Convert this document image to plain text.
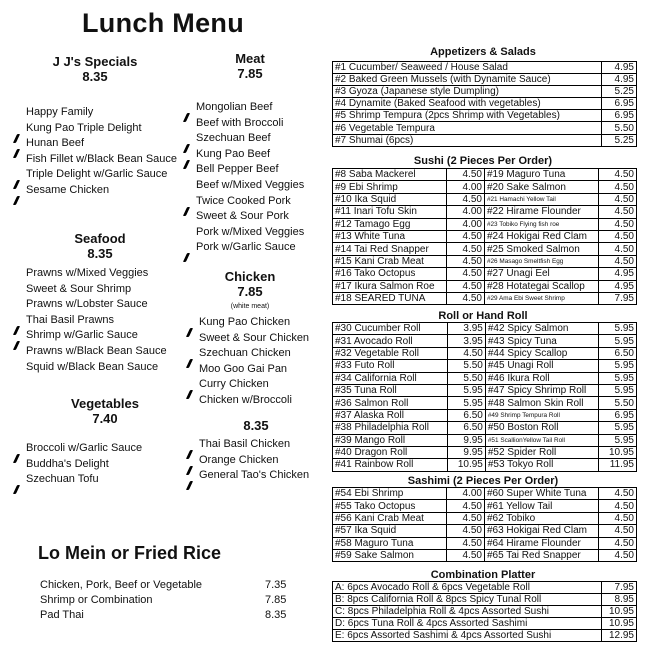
Lunch Menu
J J's Specials
8.35
Happy Family
Kung Pao Triple Delight
Hunan Beef
Fish Fillet w/Black Bean Sauce
Triple Delight w/Garlic Sauce
Sesame Chicken
Meat
7.85
Mongolian Beef
Beef with Broccoli
Szechuan Beef
Kung Pao Beef
Bell Pepper Beef
Beef w/Mixed Veggies
Twice Cooked Pork
Sweet & Sour Pork
Pork w/Mixed Veggies
Pork w/Garlic Sauce
Seafood
8.35
Prawns w/Mixed Veggies
Sweet & Sour Shrimp
Prawns w/Lobster Sauce
Thai Basil Prawns
Shrimp w/Garlic Sauce
Prawns w/Black Bean Sauce
Squid w/Black Bean Sauce
Chicken
7.85
(white meat)
Kung Pao Chicken
Sweet & Sour Chicken
Szechuan Chicken
Moo Goo Gai Pan
Curry Chicken
Chicken w/Broccoli
8.35
Thai Basil Chicken
Orange Chicken
General Tao's Chicken
Vegetables
7.40
Broccoli w/Garlic Sauce
Buddha's Delight
Szechuan Tofu
Lo Mein or Fried Rice
Chicken, Pork, Beef or Vegetable	7.35
Shrimp or Combination	7.85
Pad Thai	8.35
Appetizers & Salads
#1 Cucumber/ Seaweed / House Salad	4.95
#2 Baked Green Mussels (with Dynamite Sauce)	4.95
#3 Gyoza (Japanese style Dumpling)	5.25
#4 Dynamite (Baked Seafood with vegetables)	6.95
#5 Shrimp Tempura (2pcs Shrimp with Vegetables)	6.95
#6 Vegetable Tempura	5.50
#7 Shumai (6pcs)	5.25
Sushi (2 Pieces Per Order)
#8 Saba Mackerel	4.50	#19 Maguro Tuna	4.50
#9 Ebi Shrimp	4.00	#20 Sake Salmon	4.50
#10 Ika Squid	4.50	#21 Hamachi Yellow Tail	4.50
#11 Inari Tofu Skin	4.00	#22 Hirame Flounder	4.50
#12 Tamago Egg	4.00	#23 Tobiko Flying fish roe	4.50
#13 White Tuna	4.50	#24 Hokigai Red Clam	4.50
#14 Tai Red Snapper	4.50	#25 Smoked Salmon	4.50
#15 Kani Crab Meat	4.50	#26 Masago Smeltfish Egg	4.50
#16 Tako Octopus	4.50	#27 Unagi Eel	4.95
#17 Ikura Salmon Roe	4.50	#28 Hotategai Scallop	4.95
#18 SEARED TUNA	4.50	#29 Ama Ebi Sweet Shrimp	7.95
Roll or Hand Roll
#30 Cucumber Roll	3.95	#42 Spicy Salmon	5.95
#31 Avocado Roll	3.95	#43 Spicy Tuna	5.95
#32 Vegetable Roll	4.50	#44 Spicy Scallop	6.50
#33 Futo Roll	5.50	#45 Unagi Roll	5.95
#34 California Roll	5.50	#46 Ikura Roll	5.95
#35 Tuna Roll	5.95	#47 Spicy Shrimp Roll	5.95
#36 Salmon Roll	5.95	#48 Salmon Skin Roll	5.50
#37 Alaska Roll	6.50	#49 Shrimp Tempura Roll	6.95
#38 Philadelphia Roll	6.50	#50 Boston Roll	5.95
#39 Mango Roll	9.95	#51 ScallionYellow Tail Roll	5.95
#40 Dragon Roll	9.95	#52 Spider Roll	10.95
#41 Rainbow Roll	10.95	#53 Tokyo Roll	11.95
Sashimi (2 Pieces Per Order)
#54 Ebi Shrimp	4.00	#60 Super White Tuna	4.50
#55 Tako Octopus	4.50	#61 Yellow Tail	4.50
#56 Kani Crab Meat	4.50	#62 Tobiko	4.50
#57 Ika Squid	4.50	#63 Hokigai Red Clam	4.50
#58 Maguro Tuna	4.50	#64 Hirame Flounder	4.50
#59 Sake Salmon	4.50	#65 Tai Red Snapper	4.50
Combination Platter
A: 6pcs Avocado Roll & 6pcs Vegetable Roll	7.95
B: 8pcs California Roll & 8pcs Spicy Tunal Roll	8.95
C: 8pcs Philadelphia Roll & 4pcs Assorted Sushi	10.95
D: 6pcs Tuna Roll & 4pcs Assorted Sashimi	10.95
E: 6pcs Assorted Sashimi & 4pcs Assorted Sushi	12.95
